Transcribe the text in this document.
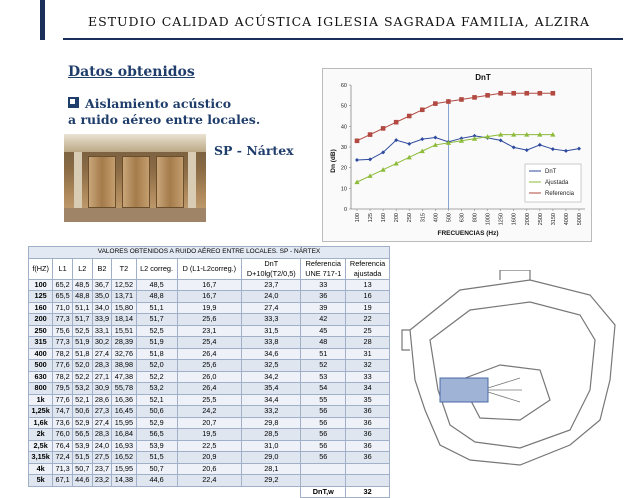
ESTUDIO CALIDAD ACÚSTICA IGLESIA SAGRADA FAMILIA, ALZIRA
Datos obtenidos
Aislamiento acústico
a ruido aéreo entre locales.
SP - Nártex
DnT
Dn (dB)
FRECUENCIAS (Hz)
0
10
20
30
40
50
60
100 125 160 200 250 315 400 500 630 800 1000 1250 1600 2000 2500 3150 4000 5000
DnT
Ajustada
Referencia
VALORES OBTENIDOS A RUIDO AÉREO ENTRE LOCALES. SP - NÁRTEX									
f(HZ)	L1	L2	B2	T2	L2 correg.	D (L1-L2correg.)	DnT
D+10lg(T2/0,5)	Referencia
UNE 717-1	Referencia
ajustada
100	65,2	48,5	36,7	12,52	48,5	16,7	23,7	33	13
125	65,5	48,8	35,0	13,71	48,8	16,7	24,0	36	16
160	71,0	51,1	34,0	15,80	51,1	19,9	27,4	39	19
200	77,3	51,7	33,9	18,14	51,7	25,6	33,3	42	22
250	75,6	52,5	33,1	15,51	52,5	23,1	31,5	45	25
315	77,3	51,9	30,2	28,39	51,9	25,4	33,8	48	28
400	78,2	51,8	27,4	32,76	51,8	26,4	34,6	51	31
500	77,6	52,0	28,3	38,98	52,0	25,6	32,5	52	32
630	78,2	52,2	27,1	47,38	52,2	26,0	34,2	53	33
800	79,5	53,2	30,9	55,78	53,2	26,4	35,4	54	34
1k	77,6	52,1	28,6	16,36	52,1	25,5	34,4	55	35
1,25k	74,7	50,6	27,3	16,45	50,6	24,2	33,2	56	36
1,6k	73,6	52,9	27,4	15,95	52,9	20,7	29,8	56	36
2k	76,0	56,5	28,3	16,84	56,5	19,5	28,5	56	36
2,5k	76,4	53,9	24,0	16,93	53,9	22,5	31,0	56	36
3,15k	72,4	51,5	27,5	16,52	51,5	20,9	29,0	56	36
4k	71,3	50,7	23,7	15,95	50,7	20,6	28,1		
5k	67,1	44,6	23,2	14,38	44,6	22,4	29,2		
								DnT,w	32
